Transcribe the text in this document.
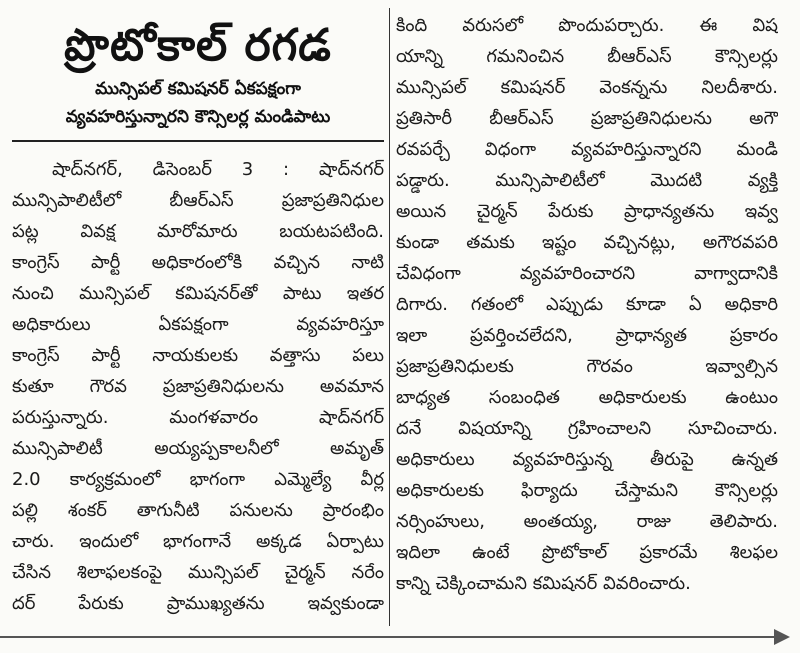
ప్రొటోకాల్ రగడ
మున్సిపల్ కమిషనర్ ఏకపక్షంగా
వ్యవహరిస్తున్నారని కౌన్సిలర్ల మండిపాటు
షాద్‌నగర్, డిసెంబర్ 3 : షాద్‌నగర్
మున్సిపాలిటీలో బీఆర్ఎస్ ప్రజాప్రతినిధుల
పట్ల వివక్ష మారోమారు బయటపటింది.
కాంగ్రెస్ పార్టీ అధికారంలోకి వచ్చిన నాటి
నుంచి మున్సిపల్ కమిషనర్‌తో పాటు ఇతర
అధికారులు ఏకపక్షంగా వ్యవహరిస్తూ
కాంగ్రెస్ పార్టీ నాయకులకు వత్తాసు పలు
కుతూ గౌరవ ప్రజాప్రతినిధులను అవమాన
పరుస్తున్నారు. మంగళవారం షాద్‌నగర్
మున్సిపాలిటీ అయ్యప్పకాలనీలో అమృత్
2.0 కార్యక్రమంలో భాగంగా ఎమ్మెల్యే వీర్ల
పల్లి శంకర్ తాగునీటి పనులను ప్రారంభిం
చారు. ఇందులో భాగంగానే అక్కడ ఏర్పాటు
చేసిన శిలాఫలకంపై మున్సిపల్ చైర్మన్ నరేం
దర్ పేరుకు ప్రాముఖ్యతను ఇవ్వకుండా
కింది వరుసలో పొందుపర్చారు. ఈ విష
యాన్ని గమనించిన బీఆర్ఎస్ కౌన్సిలర్లు
మున్సిపల్ కమిషనర్ వెంకన్నను నిలదీశారు.
ప్రతిసారీ బీఆర్ఎస్ ప్రజాప్రతినిధులను అగౌ
రవపర్చే విధంగా వ్యవహరిస్తున్నారని మండి
పడ్డారు. మున్సిపాలిటీలో మొదటి వ్యక్తి
అయిన చైర్మన్ పేరుకు ప్రాధాన్యతను ఇవ్వ
కుండా తమకు ఇష్టం వచ్చినట్లు, అగౌరవపరి
చేవిధంగా వ్యవహరించారని వాగ్వాదానికి
దిగారు. గతంలో ఎప్పుడు కూడా ఏ అధికారి
ఇలా ప్రవర్తించలేదని, ప్రాధాన్యత ప్రకారం
ప్రజాప్రతినిధులకు గౌరవం ఇవ్వాల్సిన
బాధ్యత సంబంధిత అధికారులకు ఉంటుం
దనే విషయాన్ని గ్రహించాలని సూచించారు.
అధికారులు వ్యవహరిస్తున్న తీరుపై ఉన్నత
అధికారులకు ఫిర్యాదు చేస్తామని కౌన్సిలర్లు
నర్సింహులు, అంతయ్య, రాజు తెలిపారు.
ఇదిలా ఉంటే ప్రొటోకాల్ ప్రకారమే శిలఫల
కాన్ని చెక్కించామని కమిషనర్ వివరించారు.
